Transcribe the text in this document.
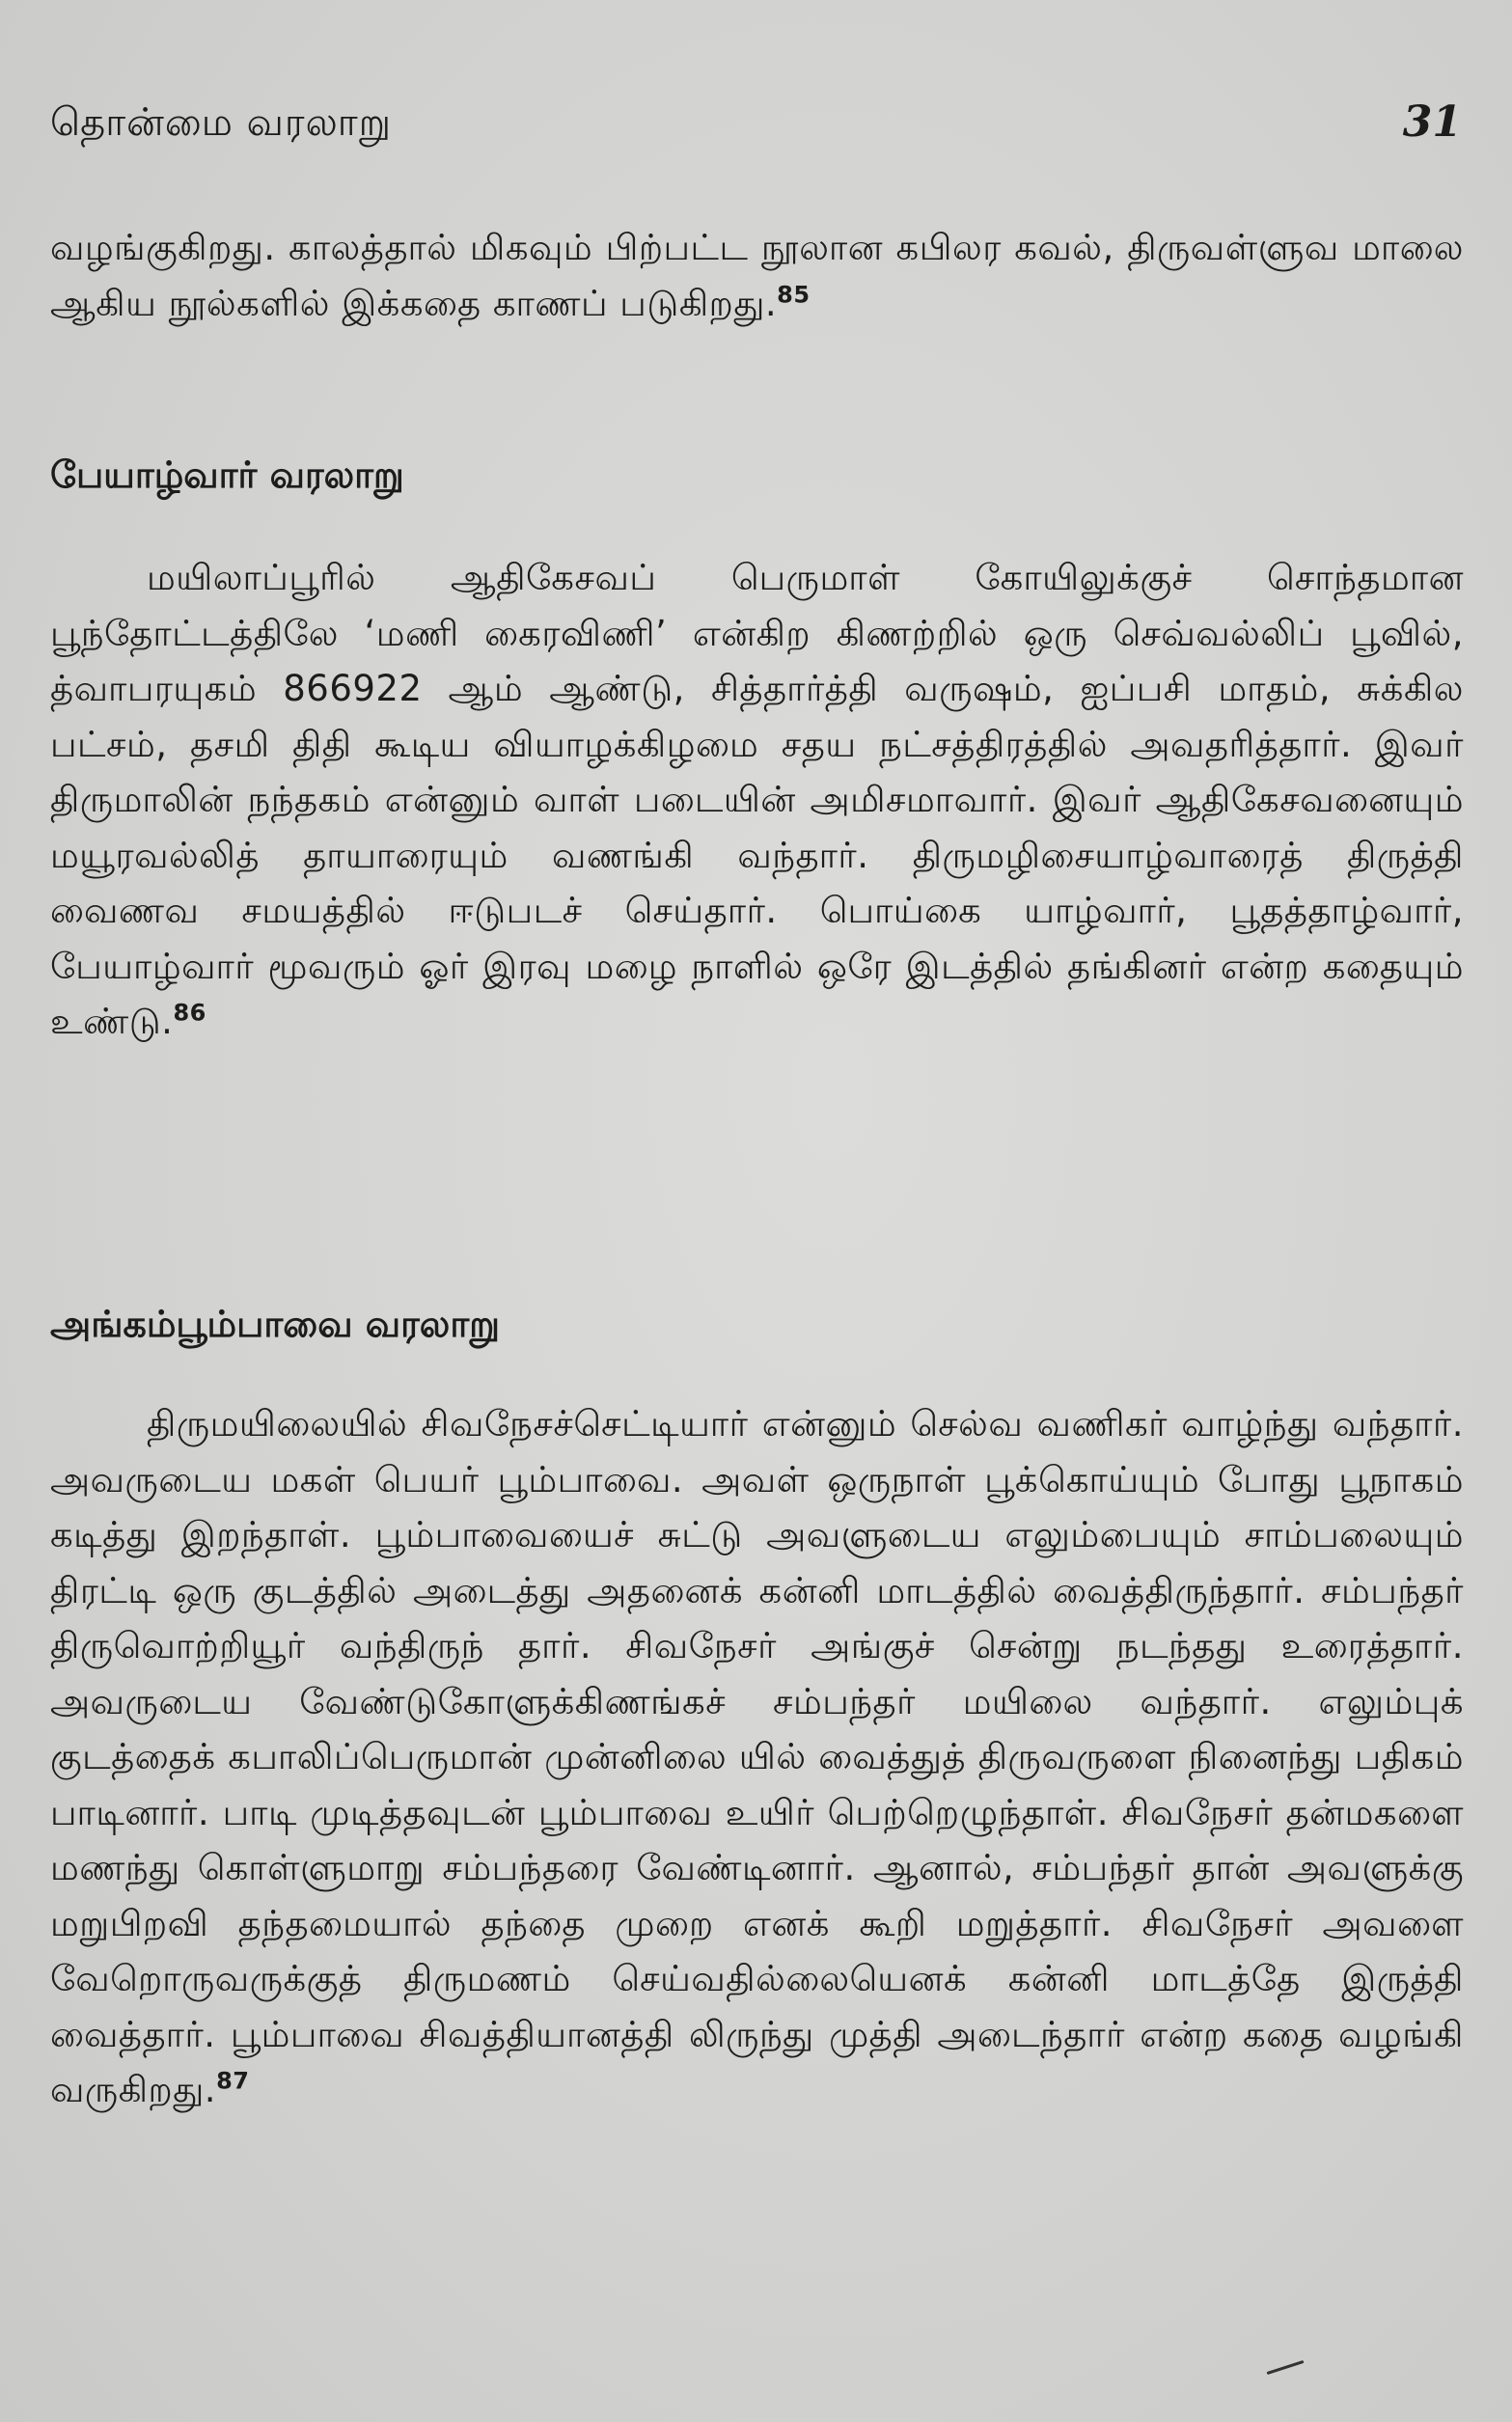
தொன்மை வரலாறு	31

வழங்குகிறது. காலத்தால் மிகவும் பிற்பட்ட நூலான கபிலர கவல், திருவள்ளுவ மாலை ஆகிய நூல்களில் இக்கதை காணப் படுகிறது.$^{85}$

பேயாழ்வார் வரலாறு

மயிலாப்பூரில் ஆதிகேசவப் பெருமாள் கோயிலுக்குச் சொந்தமான பூந்தோட்டத்திலே ‘மணி கைரவிணி’ என்கிற கிணற்றில் ஒரு செவ்வல்லிப் பூவில், த்வாபரயுகம் 866922 ஆம் ஆண்டு, சித்தார்த்தி வருஷம், ஐப்பசி மாதம், சுக்கில பட்சம், தசமி திதி கூடிய வியாழக்கிழமை சதய நட்சத்திரத்தில் அவதரித்தார். இவர் திருமாலின் நந்தகம் என்னும் வாள் படையின் அமிசமாவார். இவர் ஆதிகேசவனையும் மயூரவல்லித் தாயாரையும் வணங்கி வந்தார். திருமழிசையாழ்வாரைத் திருத்தி வைணவ சமயத்தில் ஈடுபடச் செய்தார். பொய்கை யாழ்வார், பூதத்தாழ்வார், பேயாழ்வார் மூவரும் ஓர் இரவு மழை நாளில் ஒரே இடத்தில் தங்கினர் என்ற கதையும் உண்டு.$^{86}$

அங்கம்பூம்பாவை வரலாறு

திருமயிலையில் சிவநேசச்செட்டியார் என்னும் செல்வ வணிகர் வாழ்ந்து வந்தார். அவருடைய மகள் பெயர் பூம்பாவை. அவள் ஒருநாள் பூக்கொய்யும் போது பூநாகம் கடித்து இறந்தாள். பூம்பாவையைச் சுட்டு அவளுடைய எலும்பையும் சாம்பலையும் திரட்டி ஒரு குடத்தில் அடைத்து அதனைக் கன்னி மாடத்தில் வைத்திருந்தார். சம்பந்தர் திருவொற்றியூர் வந்திருந் தார். சிவநேசர் அங்குச் சென்று நடந்தது உரைத்தார். அவருடைய வேண்டுகோளுக்கிணங்கச் சம்பந்தர் மயிலை வந்தார். எலும்புக் குடத்தைக் கபாலிப்பெருமான் முன்னிலை யில் வைத்துத் திருவருளை நினைந்து பதிகம் பாடினார். பாடி முடித்தவுடன் பூம்பாவை உயிர் பெற்றெழுந்தாள். சிவநேசர் தன்மகளை மணந்து கொள்ளுமாறு சம்பந்தரை வேண்டினார். ஆனால், சம்பந்தர் தான் அவளுக்கு மறுபிறவி தந்தமையால் தந்தை முறை எனக் கூறி மறுத்தார். சிவநேசர் அவளை வேறொருவருக்குத் திருமணம் செய்வதில்லையெனக் கன்னி மாடத்தே இருத்தி வைத்தார். பூம்பாவை சிவத்தியானத்தி லிருந்து முத்தி அடைந்தார் என்ற கதை வழங்கி வருகிறது.$^{87}$
